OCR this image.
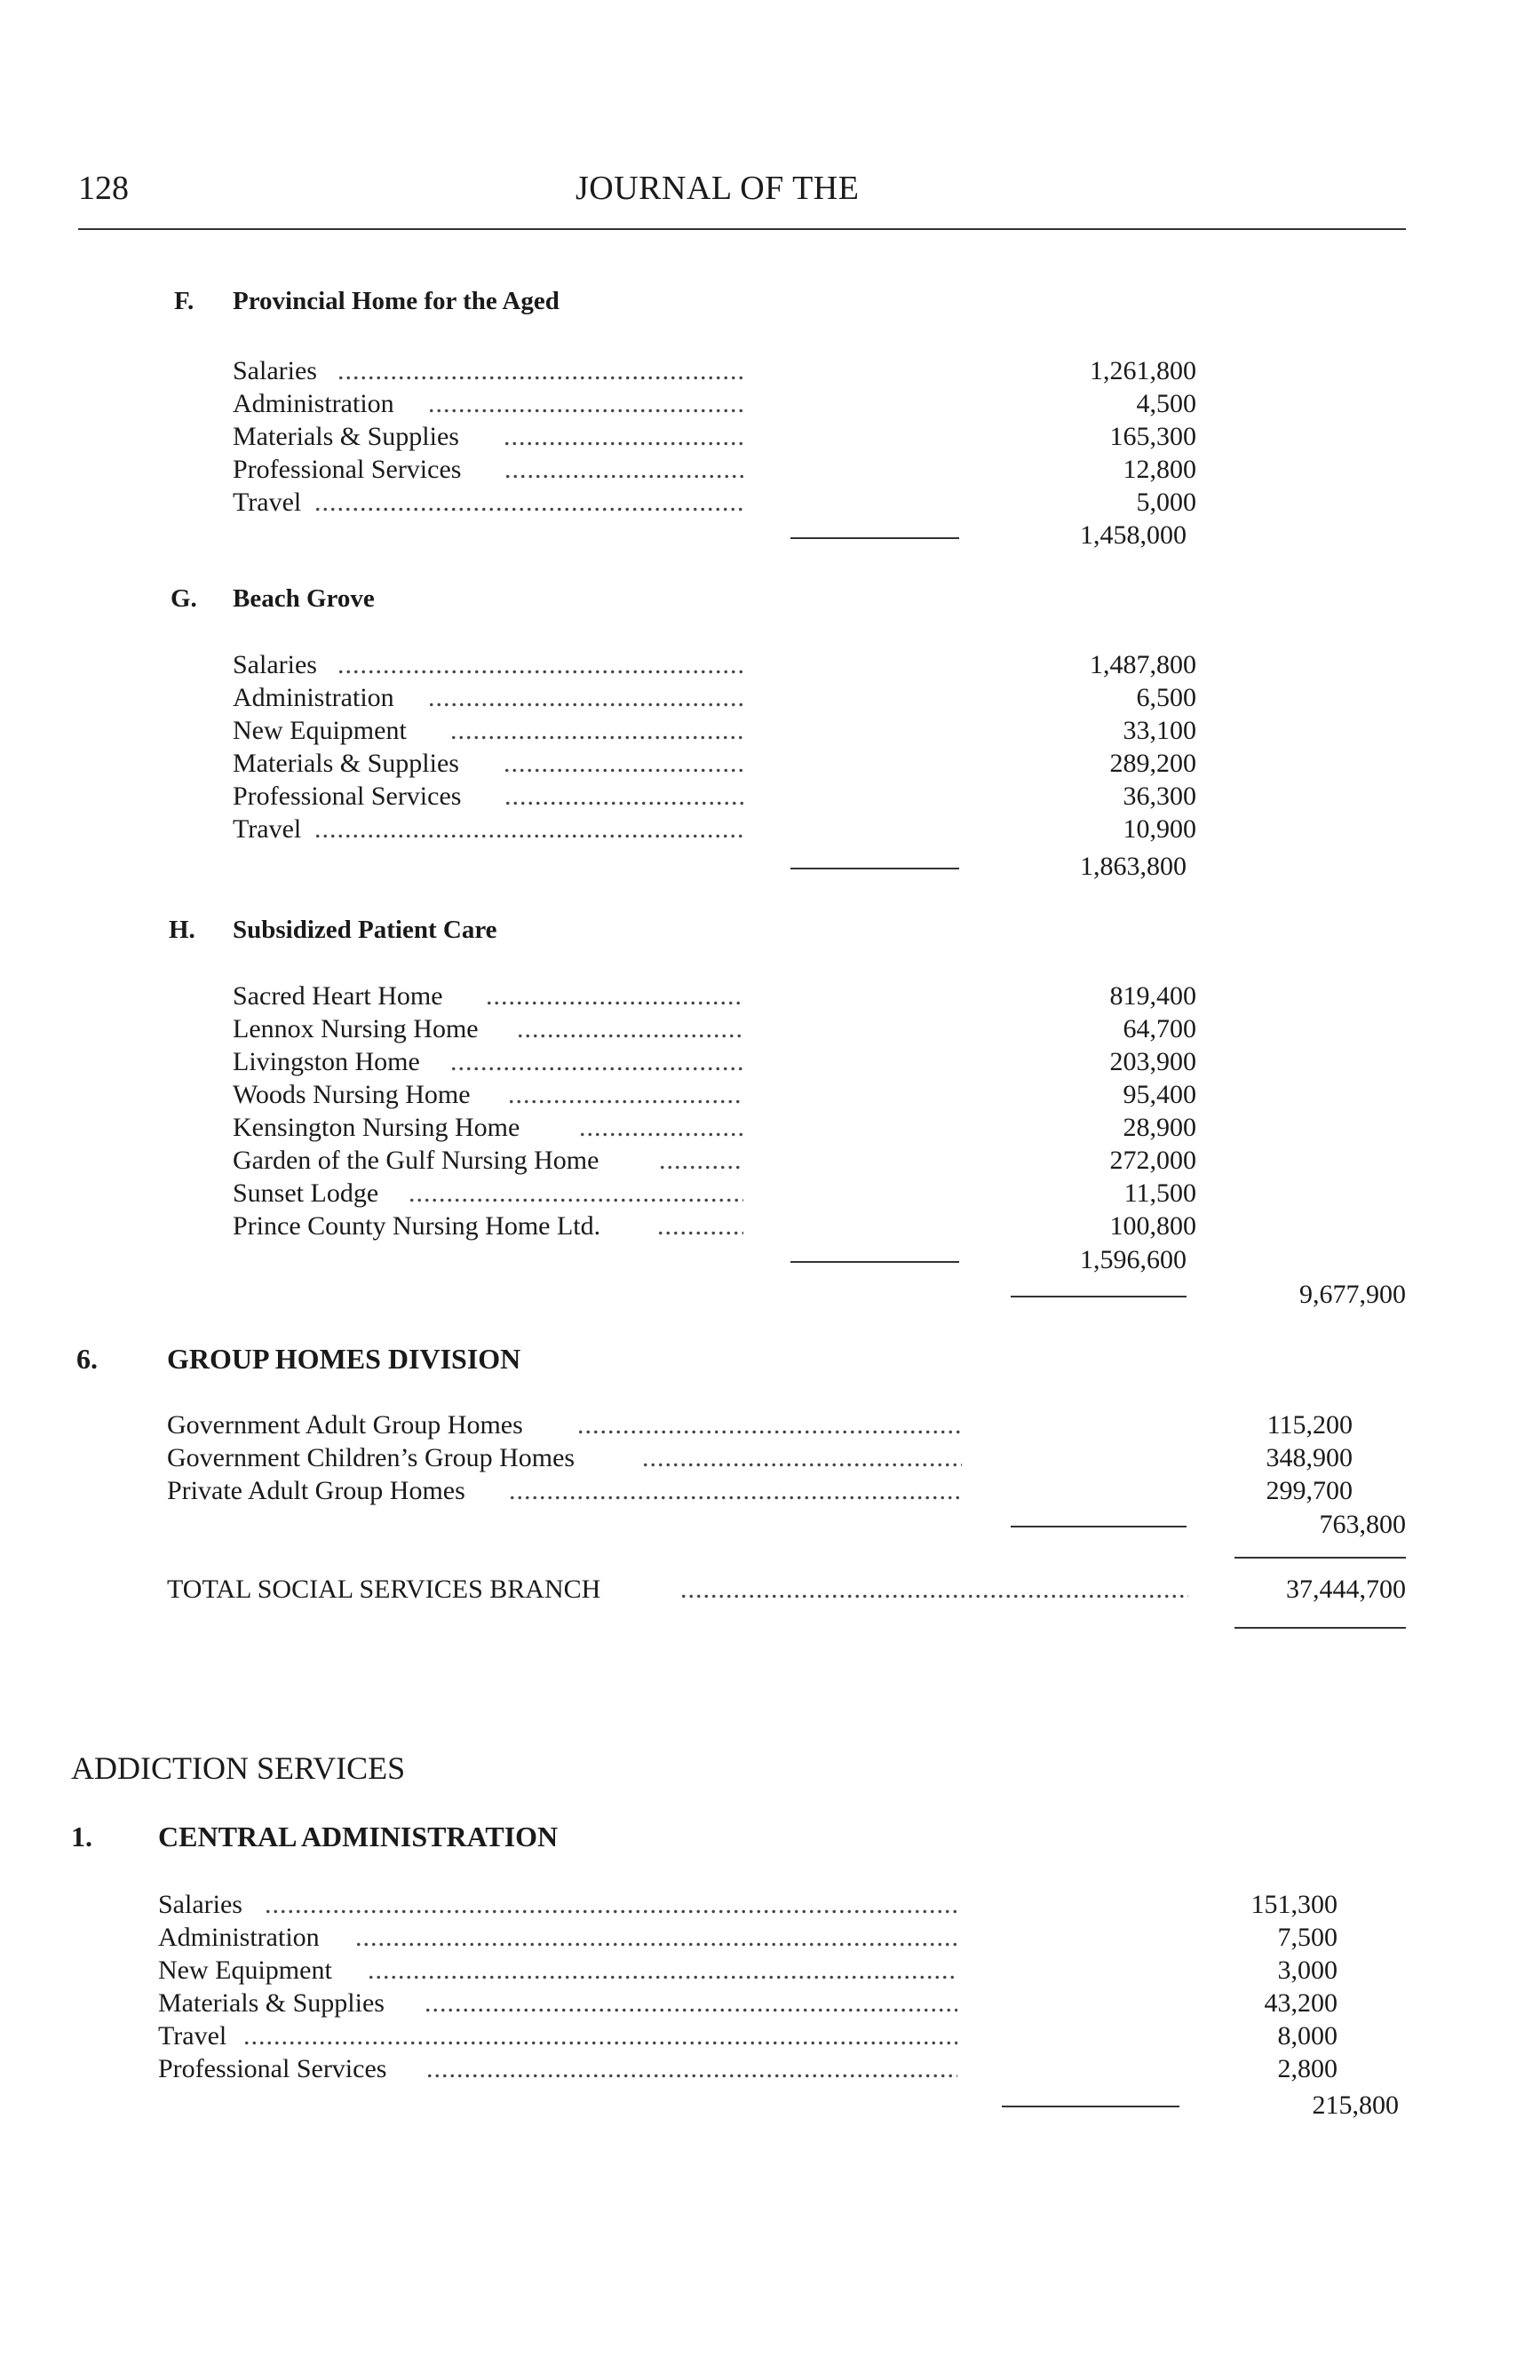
128	JOURNAL OF THE
F. Provincial Home for the Aged
Salaries .....	1,261,800
Administration .....	4,500
Materials & Supplies .....	165,300
Professional Services .....	12,800
Travel .....	5,000
1,458,000
G. Beach Grove
Salaries .....	1,487,800
Administration .....	6,500
New Equipment .....	33,100
Materials & Supplies .....	289,200
Professional Services .....	36,300
Travel .....	10,900
1,863,800
H. Subsidized Patient Care
Sacred Heart Home .....	819,400
Lennox Nursing Home .....	64,700
Livingston Home .....	203,900
Woods Nursing Home .....	95,400
Kensington Nursing Home .....	28,900
Garden of the Gulf Nursing Home .....	272,000
Sunset Lodge .....	11,500
Prince County Nursing Home Ltd. .....	100,800
1,596,600
9,677,900
6. GROUP HOMES DIVISION
Government Adult Group Homes .....	115,200
Government Children’s Group Homes .....	348,900
Private Adult Group Homes .....	299,700
763,800
TOTAL SOCIAL SERVICES BRANCH .....	37,444,700
ADDICTION SERVICES
1. CENTRAL ADMINISTRATION
Salaries .....	151,300
Administration .....	7,500
New Equipment .....	3,000
Materials & Supplies .....	43,200
Travel .....	8,000
Professional Services .....	2,800
215,800
